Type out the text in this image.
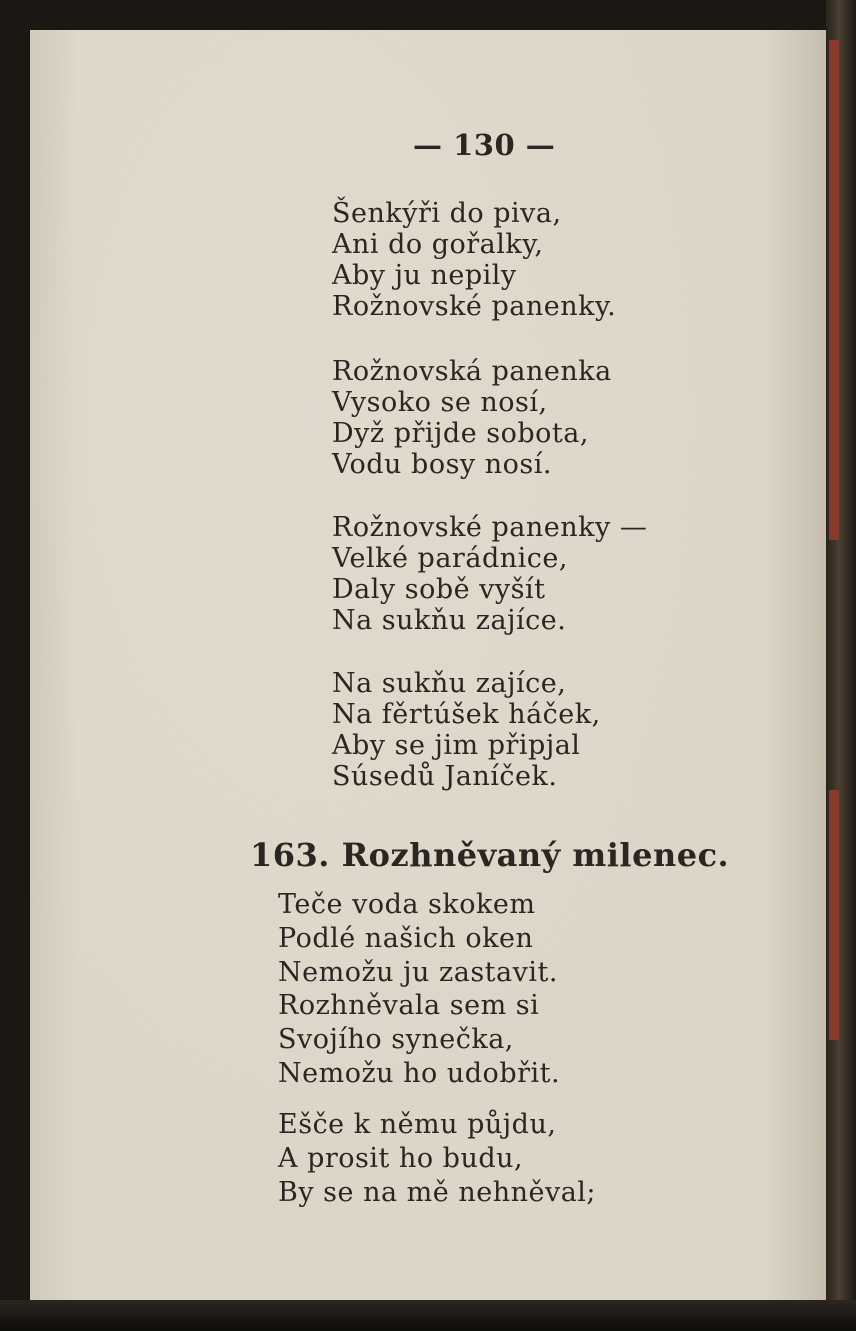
— 130 —
Šenkýři do piva,
Ani do gořalky,
Aby ju nepily
Rožnovské panenky.
Rožnovská panenka
Vysoko se nosí,
Dyž přijde sobota,
Vodu bosy nosí.
Rožnovské panenky —
Velké parádnice,
Daly sobě vyšít
Na sukňu zajíce.
Na sukňu zajíce,
Na fěrtúšek háček,
Aby se jim připjal
Súsedů Janíček.
163. Rozhněvaný milenec.
Teče voda skokem
Podlé našich oken
Nemožu ju zastavit.
Rozhněvala sem si
Svojího synečka,
Nemožu ho udobřit.
Ešče k němu půjdu,
A prosit ho budu,
By se na mě nehněval;
